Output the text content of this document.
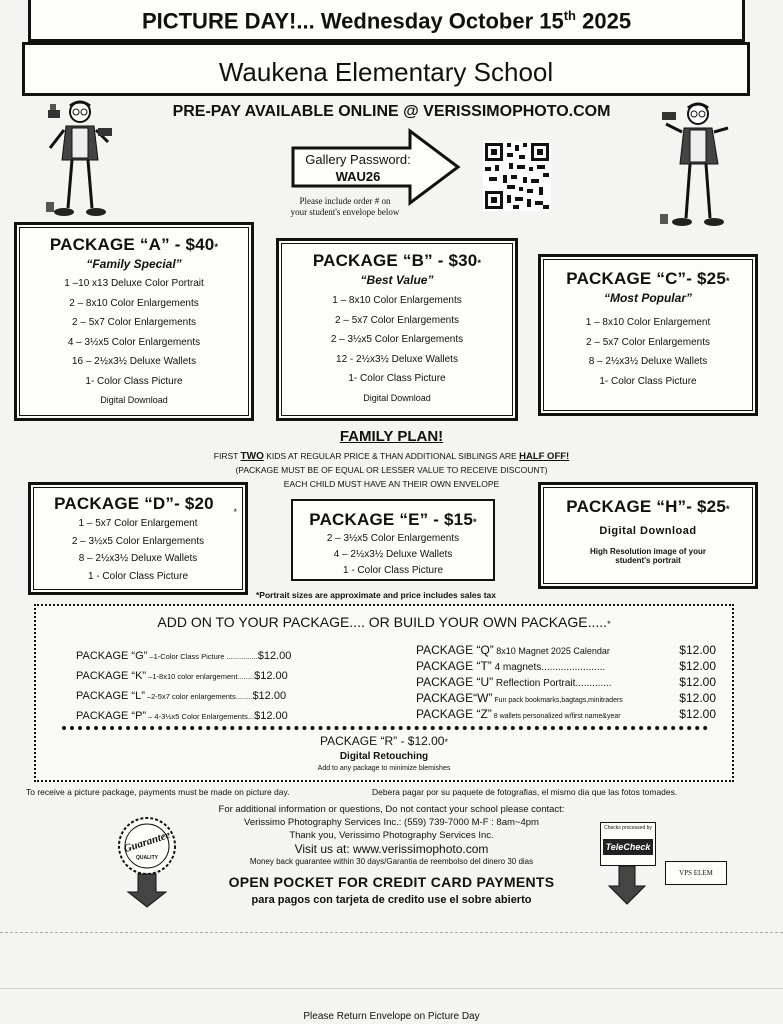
PICTURE DAY!... Wednesday October 15th 2025
Waukena Elementary School
PRE-PAY AVAILABLE ONLINE @ VERISSIMOPHOTO.COM
Gallery Password:
WAU26
Please include order # on
your student's envelope below
PACKAGE “A” - $40*
“Family Special”
1 –10 x13 Deluxe Color Portrait
2 – 8x10 Color Enlargements
2 – 5x7 Color Enlargements
4 – 3½x5 Color Enlargements
16 – 2½x3½ Deluxe Wallets
1- Color Class Picture
Digital Download
PACKAGE “B” - $30*
“Best Value”
1 – 8x10 Color Enlargements
2 – 5x7 Color Enlargements
2 – 3½x5 Color Enlargements
12 - 2½x3½ Deluxe Wallets
1- Color Class Picture
Digital Download
PACKAGE “C”- $25*
“Most Popular”
1 – 8x10 Color Enlargement
2 – 5x7 Color Enlargements
8 – 2½x3½ Deluxe Wallets
1- Color Class Picture
FAMILY PLAN!
FIRST TWO KIDS AT REGULAR PRICE & THAN ADDITIONAL SIBLINGS ARE HALF OFF!
(PACKAGE MUST BE OF EQUAL OR LESSER VALUE TO RECEIVE DISCOUNT)
EACH CHILD MUST HAVE AN THEIR OWN ENVELOPE
PACKAGE “D”- $20	*
1 – 5x7 Color Enlargement
2 – 3½x5 Color Enlargements
8 – 2½x3½ Deluxe Wallets
1 - Color Class Picture
PACKAGE “E” - $15*
2 – 3½x5 Color Enlargements
4 – 2½x3½ Deluxe Wallets
1 - Color Class Picture
PACKAGE “H”- $25*
Digital Download
High Resolution image of your
student's portrait
*Portrait sizes are approximate and price includes sales tax
ADD ON TO YOUR PACKAGE.... OR BUILD YOUR OWN PACKAGE.....*
PACKAGE “G” –1-Color Class Picture ...............$12.00
PACKAGE “K” –1-8x10 color enlargement........$12.00
PACKAGE “L” –2-5x7 color enlargements........$12.00
PACKAGE “P” – 4-3½x5 Color Enlargements...$12.00
PACKAGE “Q” 8x10 Magnet 2025 Calendar	$12.00
PACKAGE “T” 4 magnets.......................	$12.00
PACKAGE “U” Reflection Portrait.............	$12.00
PACKAGE“W” Fun pack bookmarks,bagtags,minitraders	$12.00
PACKAGE “Z” 8 wallets personalized w/first name&year	$12.00
PACKAGE “R” - $12.00*
Digital Retouching
Add to any package to minimize blemishes
To receive a picture package, payments must be made on picture day.	Debera pagar por su paquete de fotografias, el mismo dia que las fotos tomades.
For additional information or questions, Do not contact your school please contact:
Verissimo Photography Services Inc.: (559) 739-7000 M-F : 8am~4pm
Thank you, Verissimo Photography Services Inc.
Visit us at: www.verissimophoto.com
Money back guarantee within 30 days/Garantia de reembolso del dinero 30 dias
OPEN POCKET FOR CREDIT CARD PAYMENTS
para pagos con tarjeta de credito use el sobre abierto
Guarantee
QUALITY
Checks processed by
TeleCheck
VPS ELEM
Please Return Envelope on Picture Day
